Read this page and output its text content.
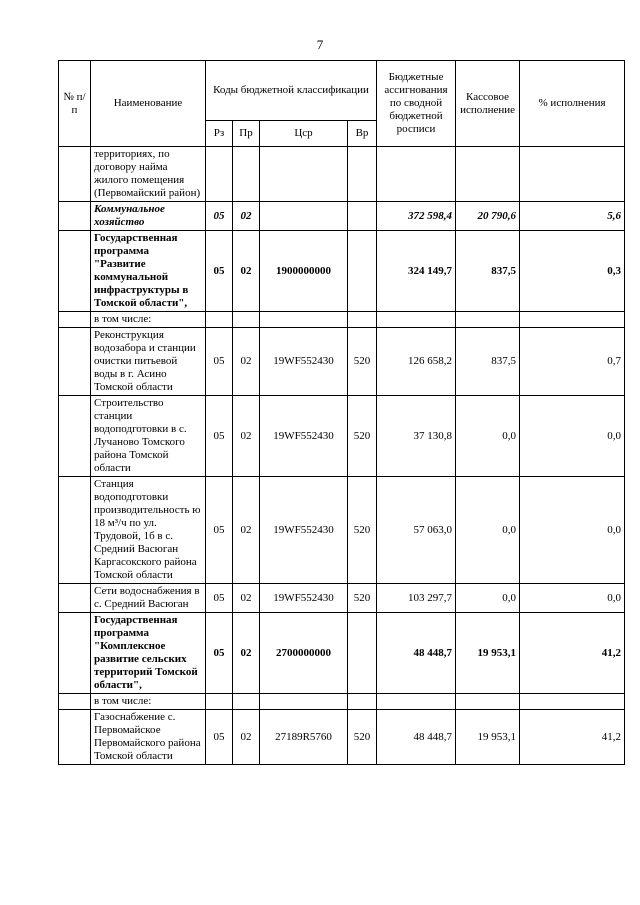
7
№ п/п	Наименование	Коды бюджетной классификации				Бюджетные ассигнования по сводной бюджетной росписи	Кассовое исполнение	% исполнения
		Рз	Пр	Цср	Вр			
	территориях, по договору найма жилого помещения (Первомайский район)							
	Коммунальное хозяйство	05	02			372 598,4	20 790,6	5,6
	Государственная программа "Развитие коммунальной инфраструктуры в Томской области",	05	02	1900000000		324 149,7	837,5	0,3
	в том числе:							
	Реконструкция водозабора и станции очистки питьевой воды в г. Асино Томской области	05	02	19WF552430	520	126 658,2	837,5	0,7
	Строительство станции водоподготовки в с. Лучаново Томского района Томской области	05	02	19WF552430	520	37 130,8	0,0	0,0
	Станция водоподготовки производительность ю 18 м³/ч по ул. Трудовой, 1б в с. Средний Васюган Каргасокского района Томской области	05	02	19WF552430	520	57 063,0	0,0	0,0
	Сети водоснабжения в с. Средний Васюган	05	02	19WF552430	520	103 297,7	0,0	0,0
	Государственная программа "Комплексное развитие сельских территорий Томской области",	05	02	2700000000		48 448,7	19 953,1	41,2
	в том числе:							
	Газоснабжение с. Первомайское Первомайского района Томской области	05	02	27189R5760	520	48 448,7	19 953,1	41,2
